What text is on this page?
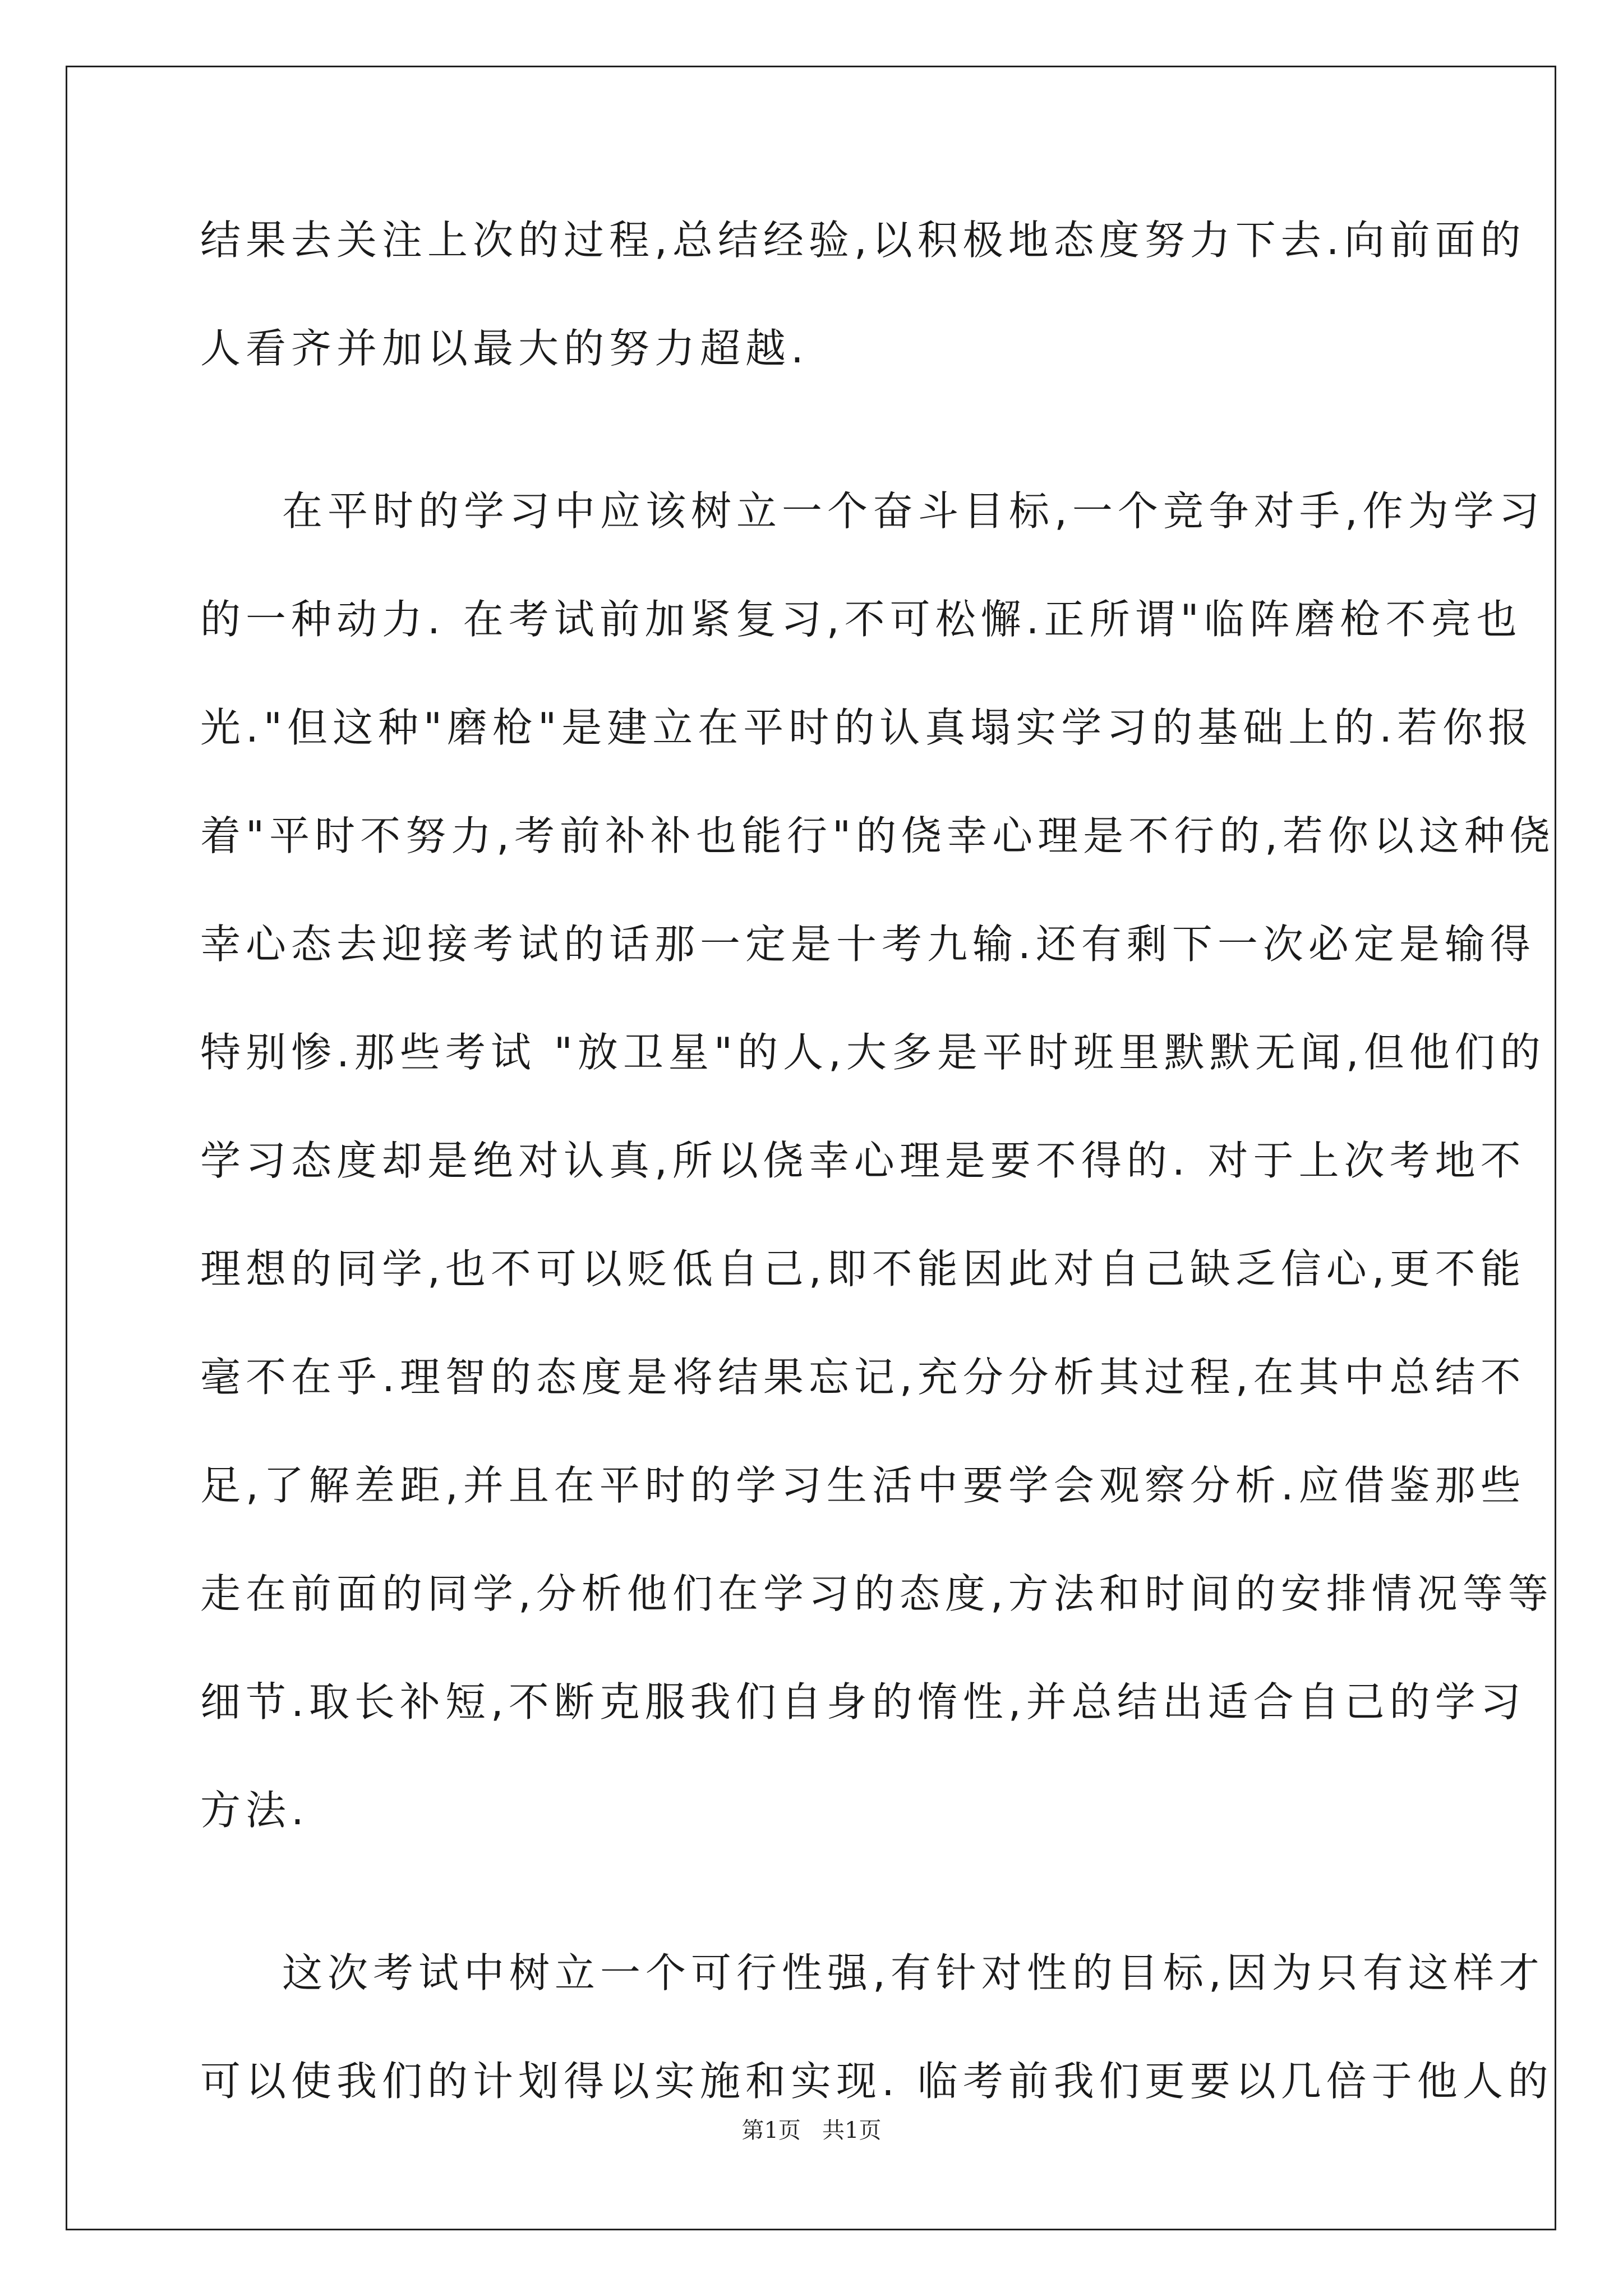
结果去关注上次的过程,总结经验,以积极地态度努力下去.向前面的
人看齐并加以最大的努力超越.
在平时的学习中应该树立一个奋斗目标,一个竞争对手,作为学习
的一种动力. 在考试前加紧复习,不可松懈.正所谓"临阵磨枪不亮也
光."但这种"磨枪"是建立在平时的认真塌实学习的基础上的.若你报
着"平时不努力,考前补补也能行"的侥幸心理是不行的,若你以这种侥
幸心态去迎接考试的话那一定是十考九输.还有剩下一次必定是输得
特别惨.那些考试 "放卫星"的人,大多是平时班里默默无闻,但他们的
学习态度却是绝对认真,所以侥幸心理是要不得的. 对于上次考地不
理想的同学,也不可以贬低自己,即不能因此对自己缺乏信心,更不能
毫不在乎.理智的态度是将结果忘记,充分分析其过程,在其中总结不
足,了解差距,并且在平时的学习生活中要学会观察分析.应借鉴那些
走在前面的同学,分析他们在学习的态度,方法和时间的安排情况等等
细节.取长补短,不断克服我们自身的惰性,并总结出适合自己的学习
方法.
这次考试中树立一个可行性强,有针对性的目标,因为只有这样才
可以使我们的计划得以实施和实现. 临考前我们更要以几倍于他人的
第1页   共1页
